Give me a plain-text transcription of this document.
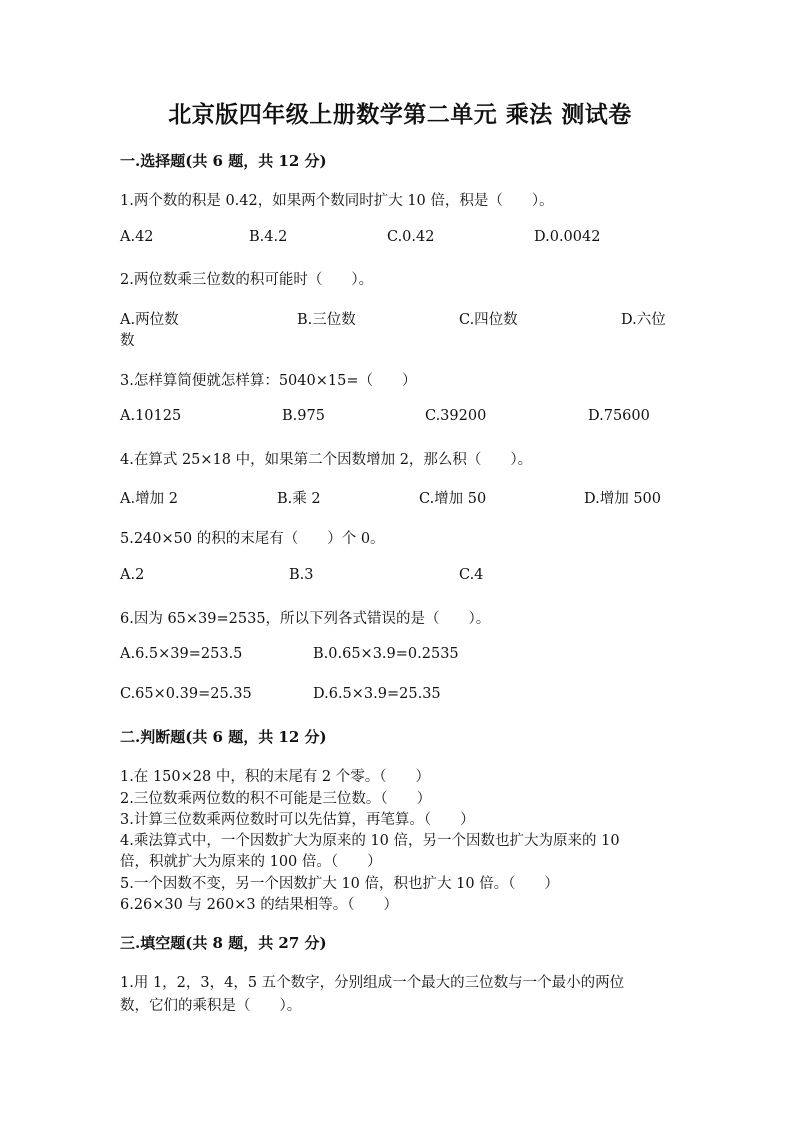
北京版四年级上册数学第二单元 乘法 测试卷
一.选择题(共 6 题，共 12 分)
1.两个数的积是 0.42，如果两个数同时扩大 10 倍，积是（　　）。
A.42	B.4.2	C.0.42	D.0.0042
2.两位数乘三位数的积可能时（　　）。
A.两位数	B.三位数	C.四位数	D.六位
数
3.怎样算简便就怎样算：5040×15=（　　）
A.10125	B.975	C.39200	D.75600
4.在算式 25×18 中，如果第二个因数增加 2，那么积（　　）。
A.增加 2	B.乘 2	C.增加 50	D.增加 500
5.240×50 的积的末尾有（　　）个 0。
A.2	B.3	C.4
6.因为 65×39=2535，所以下列各式错误的是（　　）。
A.6.5×39=253.5	B.0.65×3.9=0.2535
C.65×0.39=25.35	D.6.5×3.9=25.35
二.判断题(共 6 题，共 12 分)
1.在 150×28 中，积的末尾有 2 个零。（　　）
2.三位数乘两位数的积不可能是三位数。（　　）
3.计算三位数乘两位数时可以先估算，再笔算。（　　）
4.乘法算式中，一个因数扩大为原来的 10 倍，另一个因数也扩大为原来的 10
倍，积就扩大为原来的 100 倍。（　　）
5.一个因数不变，另一个因数扩大 10 倍，积也扩大 10 倍。（　　）
6.26×30 与 260×3 的结果相等。（　　）
三.填空题(共 8 题，共 27 分)
1.用 1，2，3，4，5 五个数字，分别组成一个最大的三位数与一个最小的两位
数，它们的乘积是（　　）。
